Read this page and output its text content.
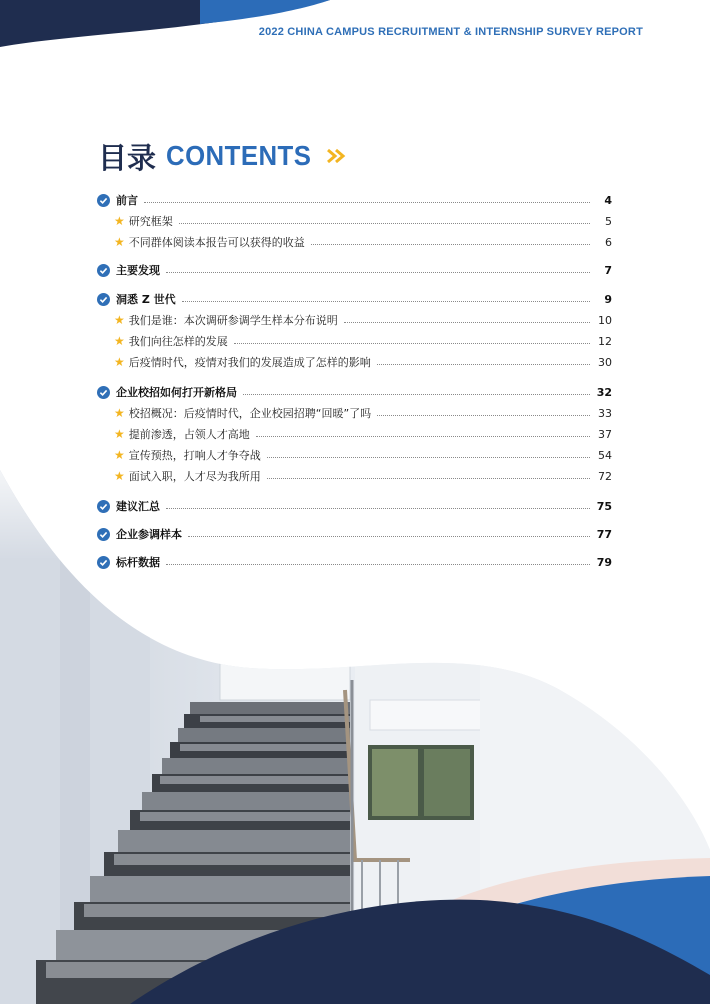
2022 CHINA CAMPUS RECRUITMENT & INTERNSHIP SURVEY REPORT
目录 CONTENTS
前言	4
★ 研究框架	5
★ 不同群体阅读本报告可以获得的收益	6
主要发现	7
洞悉 Z 世代	9
★ 我们是谁：本次调研参调学生样本分布说明	10
★ 我们向往怎样的发展	12
★ 后疫情时代，疫情对我们的发展造成了怎样的影响	30
企业校招如何打开新格局	32
★ 校招概况：后疫情时代，企业校园招聘“回暖”了吗	33
★ 提前渗透，占领人才高地	37
★ 宣传预热，打响人才争夺战	54
★ 面试入职，人才尽为我所用	72
建议汇总	75
企业参调样本	77
标杆数据	79
